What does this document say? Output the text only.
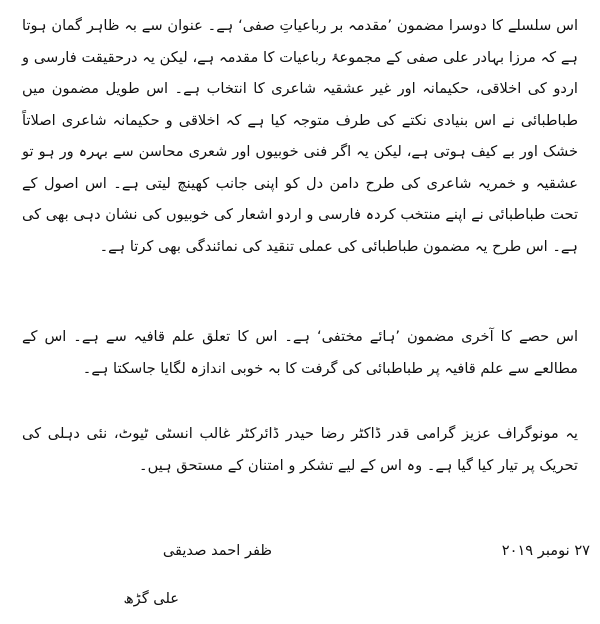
اس سلسلے کا دوسرا مضمون ’مقدمہ بر رباعیاتِ صفی‘ ہے۔ عنوان سے بہ ظاہر گمان ہوتا ہے کہ مرزا بہادر علی صفی کے مجموعۂ رباعیات کا مقدمہ ہے، لیکن یہ درحقیقت فارسی و اردو کی اخلاقی، حکیمانہ اور غیر عشقیہ شاعری کا انتخاب ہے۔ اس طویل مضمون میں طباطبائی نے اس بنیادی نکتے کی طرف متوجہ کیا ہے کہ اخلاقی و حکیمانہ شاعری اصلاتاً خشک اور بے کیف ہوتی ہے، لیکن یہ اگر فنی خوبیوں اور شعری محاسن سے بہرہ ور ہو تو عشقیہ و خمریہ شاعری کی طرح دامن دل کو اپنی جانب کھینچ لیتی ہے۔ اس اصول کے تحت طباطبائی نے اپنے منتخب کردہ فارسی و اردو اشعار کی خوبیوں کی نشان دہی بھی کی ہے۔ اس طرح یہ مضمون طباطبائی کی عملی تنقید کی نمائندگی بھی کرتا ہے۔

اس حصے کا آخری مضمون ’ہائے مختفی‘ ہے۔ اس کا تعلق علم قافیہ سے ہے۔ اس کے مطالعے سے علم قافیہ پر طباطبائی کی گرفت کا بہ خوبی اندازہ لگایا جاسکتا ہے۔

یہ مونوگراف عزیز گرامی قدر ڈاکٹر رضا حیدر ڈائرکٹر غالب انسٹی ٹیوٹ، نئی دہلی کی تحریک پر تیار کیا گیا ہے۔ وہ اس کے لیے تشکر و امتنان کے مستحق ہیں۔

ظفر احمد صدیقی
علی گڑھ
۲۷ نومبر ۲۰۱۹
